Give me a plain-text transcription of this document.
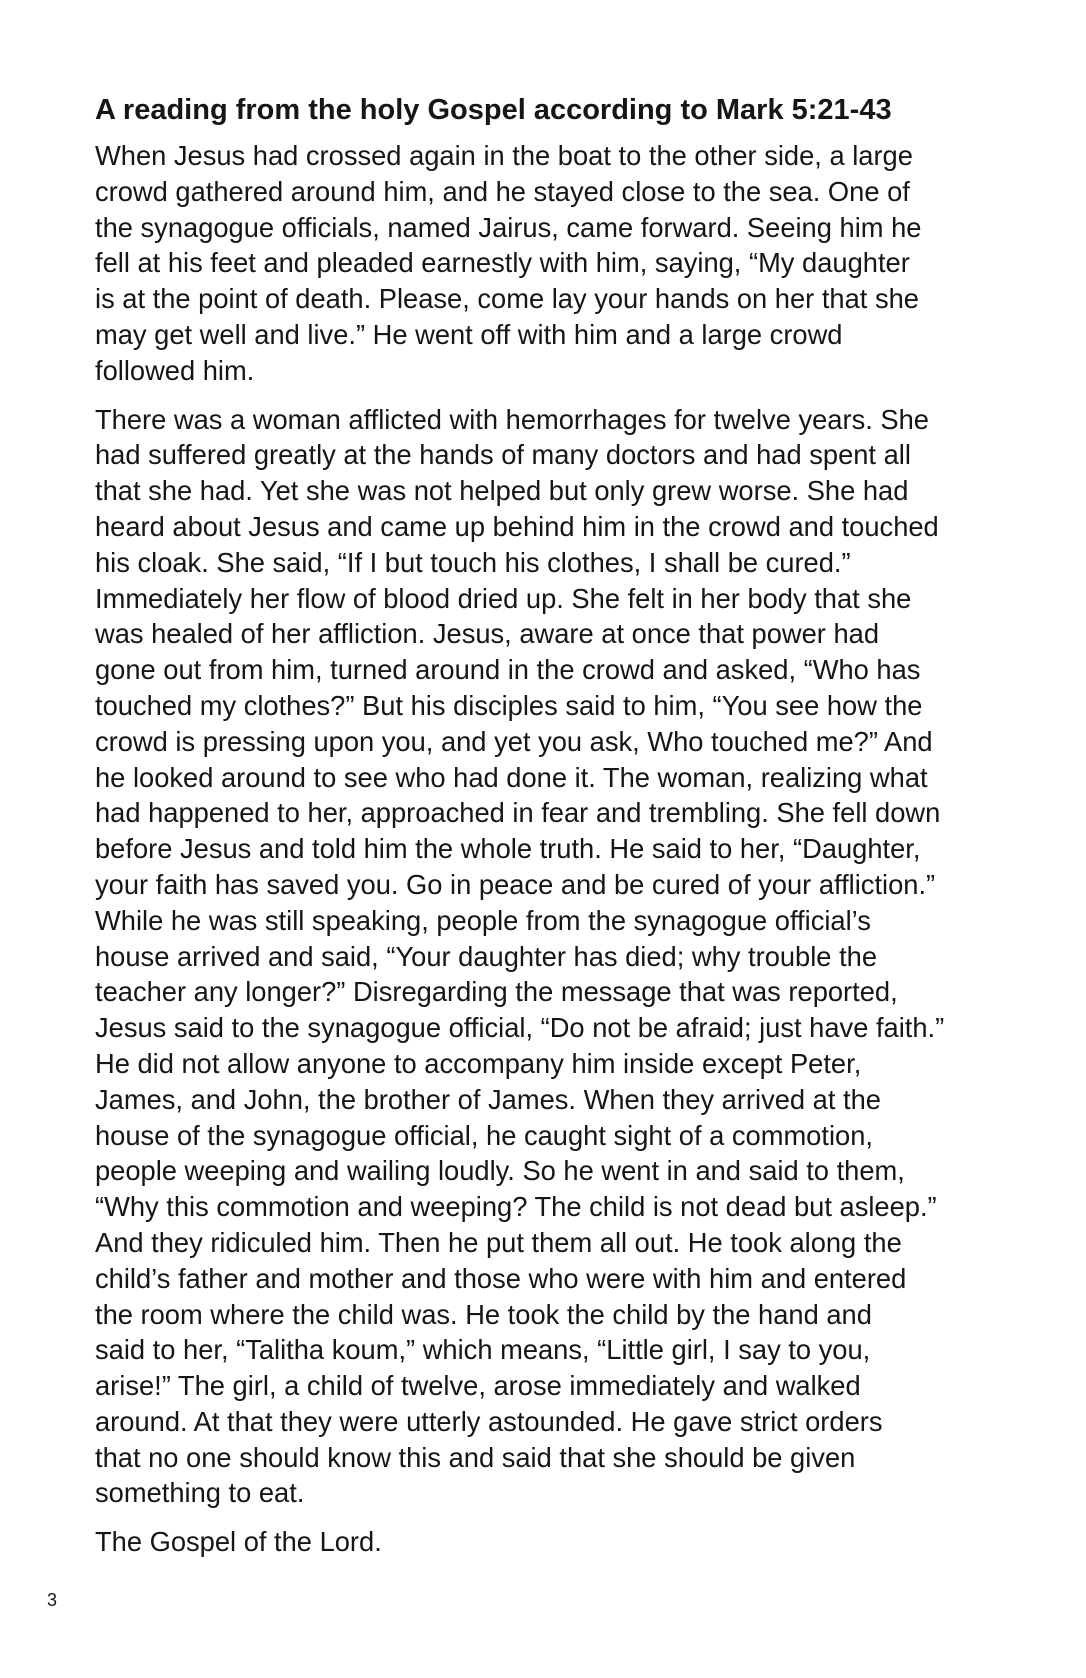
A reading from the holy Gospel according to Mark 5:21-43

When Jesus had crossed again in the boat to the other side, a large
crowd gathered around him, and he stayed close to the sea. One of
the synagogue officials, named Jairus, came forward. Seeing him he
fell at his feet and pleaded earnestly with him, saying, “My daughter
is at the point of death. Please, come lay your hands on her that she
may get well and live.” He went off with him and a large crowd
followed him.

There was a woman afflicted with hemorrhages for twelve years. She
had suffered greatly at the hands of many doctors and had spent all
that she had. Yet she was not helped but only grew worse. She had
heard about Jesus and came up behind him in the crowd and touched
his cloak. She said, “If I but touch his clothes, I shall be cured.”
Immediately her flow of blood dried up. She felt in her body that she
was healed of her affliction. Jesus, aware at once that power had
gone out from him, turned around in the crowd and asked, “Who has
touched my clothes?” But his disciples said to him, “You see how the
crowd is pressing upon you, and yet you ask, Who touched me?” And
he looked around to see who had done it. The woman, realizing what
had happened to her, approached in fear and trembling. She fell down
before Jesus and told him the whole truth. He said to her, “Daughter,
your faith has saved you. Go in peace and be cured of your affliction.”
While he was still speaking, people from the synagogue official’s
house arrived and said, “Your daughter has died; why trouble the
teacher any longer?” Disregarding the message that was reported,
Jesus said to the synagogue official, “Do not be afraid; just have faith.”
He did not allow anyone to accompany him inside except Peter,
James, and John, the brother of James. When they arrived at the
house of the synagogue official, he caught sight of a commotion,
people weeping and wailing loudly. So he went in and said to them,
“Why this commotion and weeping? The child is not dead but asleep.”
And they ridiculed him. Then he put them all out. He took along the
child’s father and mother and those who were with him and entered
the room where the child was. He took the child by the hand and
said to her, “Talitha koum,” which means, “Little girl, I say to you,
arise!” The girl, a child of twelve, arose immediately and walked
around. At that they were utterly astounded. He gave strict orders
that no one should know this and said that she should be given
something to eat.

The Gospel of the Lord.

3
